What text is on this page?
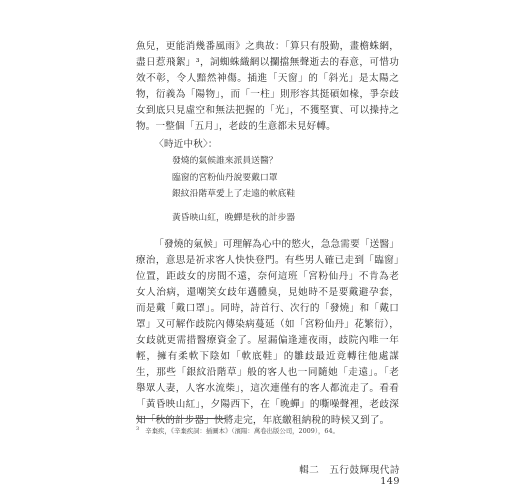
魚兒，更能消幾番風雨》之典故：「算只有殷勤，畫檐蛛網，盡日惹飛絮」³，詞蜘蛛織網以攔擋無聲逝去的春意，可惜功效不彰，令人黯然神傷。插進「天窗」的「斜光」是太陽之物，衍義為「陽物」，而「一柱」則形容其挺碩如椽，爭奈歧女到底只見虛空和無法把握的「光」，不獲堅實、可以操持之物。一整個「五月」，老歧的生意都未見好轉。

〈時近中秋〉：

發燒的氣候誰來派員送醫？
臨窗的宮粉仙丹說要戴口罩
銀紋沿階草愛上了走遠的軟底鞋
黃昏映山紅，晚蟬是秋的計步器

「發燒的氣候」可理解為心中的慾火，急急需要「送醫」療治，意思是祈求客人快快登門。有些男人確已走到「臨窗」位置，距歧女的房間不遠，奈何這班「宮粉仙丹」不肯為老女人治病，還嘲笑女歧年邁體臭，見她時不是要戴避孕套，而是戴「戴口罩」。同時，詩首行、次行的「發燒」和「戴口罩」又可解作歧院內傳染病蔓延（如「宮粉仙丹」花繁衍），女歧就更需措醫療資金了。屋漏偏逢連夜雨，歧院內唯一年輕，擁有柔軟下陰如「軟底鞋」的雛歧最近竟轉往他處謀生，那些「銀紋沿階草」般的客人也一同隨她「走遠」。「老舉眾人妻，人客水流柴」，這次連僅有的客人都流走了。看看「黃昏映山紅」，夕陽西下，在「晚蟬」的嘶噪聲裡，老歧深知「秋的計步器」快將走完，年底繳租納稅的時候又到了。

$^3$ 辛棄疾，《辛棄疾詞：插圖本》（濱陽：萬卷出版公司，2009），64。
輯二　五行鼓輝現代詩　149
